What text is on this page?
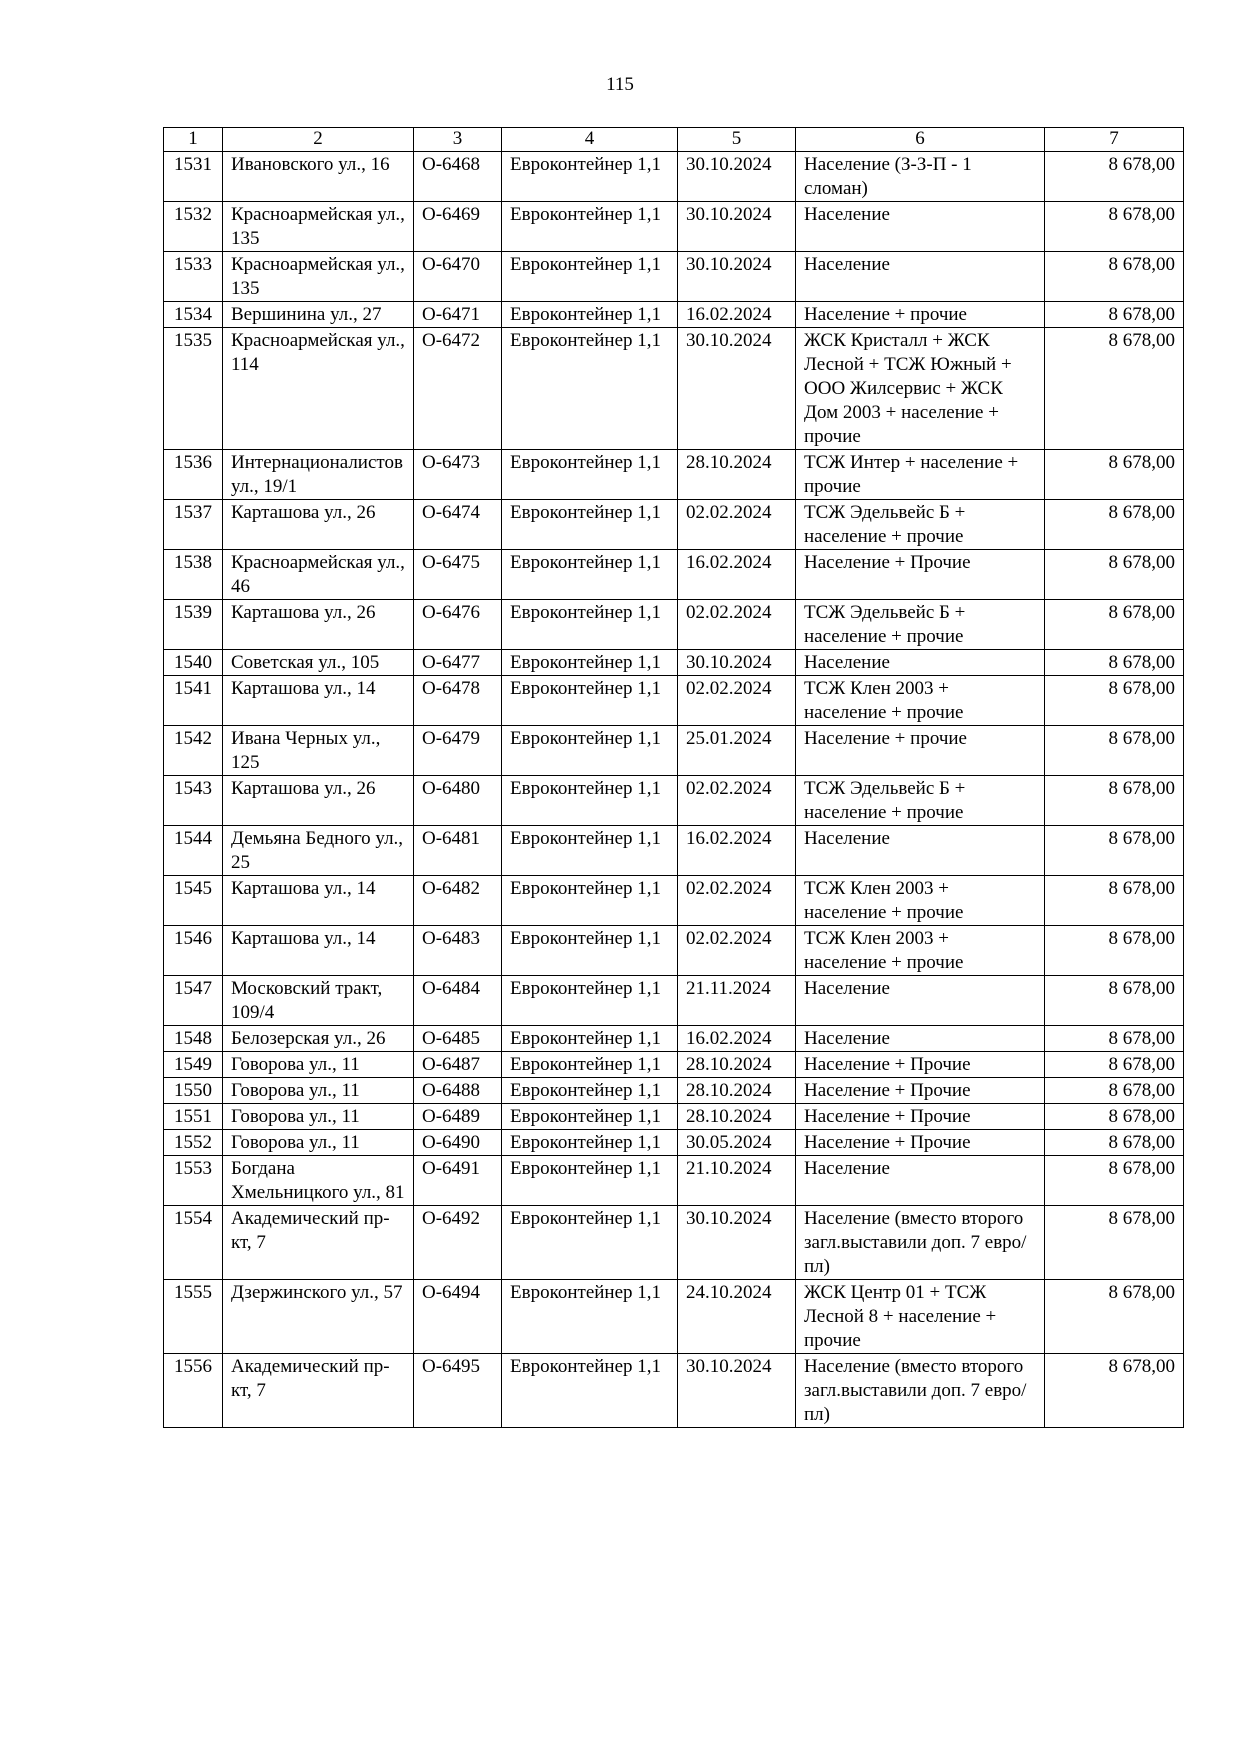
115
1	2	3	4	5	6	7
1531	Ивановского ул., 16	О-6468	Евроконтейнер 1,1	30.10.2024	Население (З-З-П - 1 сломан)	8 678,00
1532	Красноармейская ул., 135	О-6469	Евроконтейнер 1,1	30.10.2024	Население	8 678,00
1533	Красноармейская ул., 135	О-6470	Евроконтейнер 1,1	30.10.2024	Население	8 678,00
1534	Вершинина ул., 27	О-6471	Евроконтейнер 1,1	16.02.2024	Население + прочие	8 678,00
1535	Красноармейская ул., 114	О-6472	Евроконтейнер 1,1	30.10.2024	ЖСК Кристалл + ЖСК Лесной + ТСЖ Южный + ООО Жилсервис + ЖСК Дом 2003 + население + прочие	8 678,00
1536	Интернационалистов ул., 19/1	О-6473	Евроконтейнер 1,1	28.10.2024	ТСЖ Интер + население + прочие	8 678,00
1537	Карташова ул., 26	О-6474	Евроконтейнер 1,1	02.02.2024	ТСЖ Эдельвейс Б + население + прочие	8 678,00
1538	Красноармейская ул., 46	О-6475	Евроконтейнер 1,1	16.02.2024	Население + Прочие	8 678,00
1539	Карташова ул., 26	О-6476	Евроконтейнер 1,1	02.02.2024	ТСЖ Эдельвейс Б + население + прочие	8 678,00
1540	Советская ул., 105	О-6477	Евроконтейнер 1,1	30.10.2024	Население	8 678,00
1541	Карташова ул., 14	О-6478	Евроконтейнер 1,1	02.02.2024	ТСЖ Клен 2003 + население + прочие	8 678,00
1542	Ивана Черных ул., 125	О-6479	Евроконтейнер 1,1	25.01.2024	Население + прочие	8 678,00
1543	Карташова ул., 26	О-6480	Евроконтейнер 1,1	02.02.2024	ТСЖ Эдельвейс Б + население + прочие	8 678,00
1544	Демьяна Бедного ул., 25	О-6481	Евроконтейнер 1,1	16.02.2024	Население	8 678,00
1545	Карташова ул., 14	О-6482	Евроконтейнер 1,1	02.02.2024	ТСЖ Клен 2003 + население + прочие	8 678,00
1546	Карташова ул., 14	О-6483	Евроконтейнер 1,1	02.02.2024	ТСЖ Клен 2003 + население + прочие	8 678,00
1547	Московский тракт, 109/4	О-6484	Евроконтейнер 1,1	21.11.2024	Население	8 678,00
1548	Белозерская ул., 26	О-6485	Евроконтейнер 1,1	16.02.2024	Население	8 678,00
1549	Говорова ул., 11	О-6487	Евроконтейнер 1,1	28.10.2024	Население + Прочие	8 678,00
1550	Говорова ул., 11	О-6488	Евроконтейнер 1,1	28.10.2024	Население + Прочие	8 678,00
1551	Говорова ул., 11	О-6489	Евроконтейнер 1,1	28.10.2024	Население + Прочие	8 678,00
1552	Говорова ул., 11	О-6490	Евроконтейнер 1,1	30.05.2024	Население + Прочие	8 678,00
1553	Богдана Хмельницкого ул., 81	О-6491	Евроконтейнер 1,1	21.10.2024	Население	8 678,00
1554	Академический пр-кт, 7	О-6492	Евроконтейнер 1,1	30.10.2024	Население (вместо второго загл.выставили доп. 7 евро/пл)	8 678,00
1555	Дзержинского ул., 57	О-6494	Евроконтейнер 1,1	24.10.2024	ЖСК Центр 01 + ТСЖ Лесной 8 + население + прочие	8 678,00
1556	Академический пр-кт, 7	О-6495	Евроконтейнер 1,1	30.10.2024	Население (вместо второго загл.выставили доп. 7 евро/пл)	8 678,00
